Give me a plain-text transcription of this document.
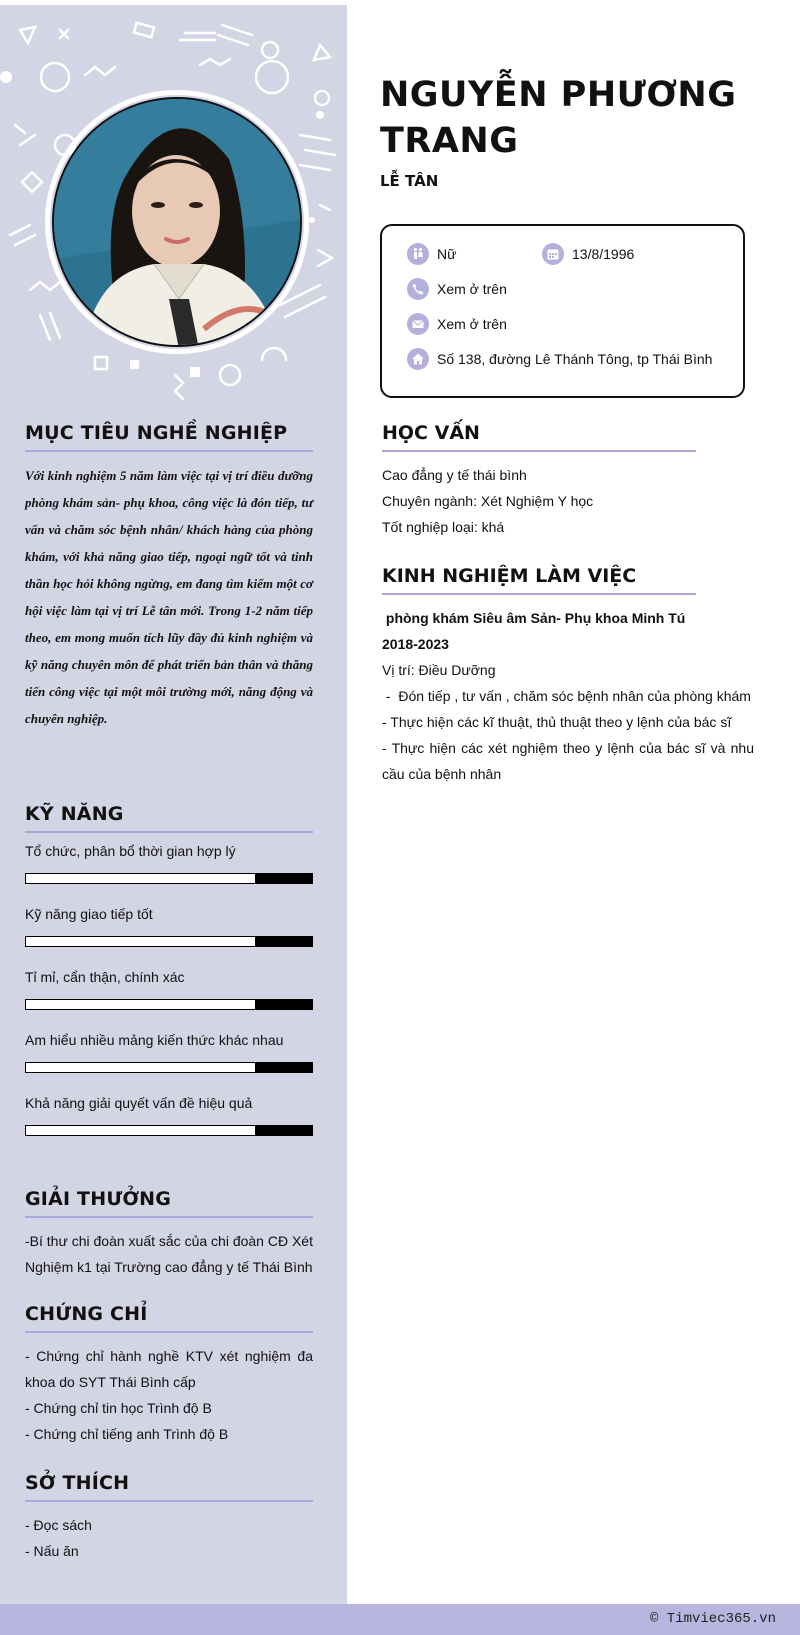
MỤC TIÊU NGHỀ NGHIỆP
Với kinh nghiệm 5 năm làm việc tại vị trí điều dưỡng phòng khám sản- phụ khoa, công việc là đón tiếp, tư vấn và chăm sóc bệnh nhân/ khách hàng của phòng khám, với khả năng giao tiếp, ngoại ngữ tốt và tinh thần học hỏi không ngừng, em đang tìm kiếm một cơ hội việc làm tại vị trí Lễ tân mới. Trong 1-2 năm tiếp theo, em mong muốn tích lũy đầy đủ kinh nghiệm và kỹ năng chuyên môn để phát triển bản thân và thăng tiến công việc tại một môi trường mới, năng động và chuyên nghiệp.
KỸ NĂNG
Tổ chức, phân bổ thời gian hợp lý
Kỹ năng giao tiếp tốt
Tỉ mỉ, cẩn thận, chính xác
Am hiểu nhiều mảng kiến thức khác nhau
Khả năng giải quyết vấn đề hiệu quả
GIẢI THƯỞNG
-Bí thư chi đoàn xuất sắc của chi đoàn CĐ Xét Nghiệm k1 tại Trường cao đẳng y tế Thái Bình
CHỨNG CHỈ
- Chứng chỉ hành nghề KTV xét nghiệm đa khoa do SYT Thái Bình cấp
- Chứng chỉ tin học Trình độ B
- Chứng chỉ tiếng anh Trình độ B
SỞ THÍCH
- Đọc sách
- Nấu ăn
NGUYỄN PHƯƠNG TRANG
LỄ TÂN
Nữ	13/8/1996
Xem ở trên
Xem ở trên
Số 138, đường Lê Thánh Tông, tp Thái Bình
HỌC VẤN
Cao đẳng y tế thái bình
Chuyên ngành: Xét Nghiệm Y học
Tốt nghiệp loại: khá
KINH NGHIỆM LÀM VIỆC
phòng khám Siêu âm Sản- Phụ khoa Minh Tú
2018-2023
Vị trí: Điều Dưỡng
-  Đón tiếp , tư vấn , chăm sóc bệnh nhân của phòng khám
- Thực hiện các kĩ thuật, thủ thuật theo y lệnh của bác sĩ
- Thực hiện các xét nghiệm theo y lệnh của bác sĩ và nhu cầu của bệnh nhân
© Timviec365.vn
